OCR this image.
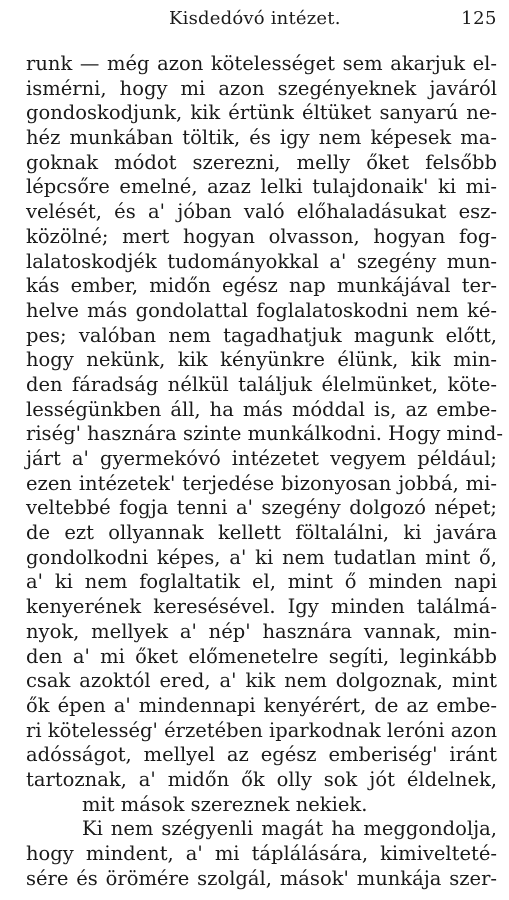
Kisdedóvó intézet.	125
runk — még azon kötelességet sem akarjuk el-
ismérni, hogy mi azon szegényeknek javáról
gondoskodjunk, kik értünk éltüket sanyarú ne-
héz munkában töltik, és igy nem képesek ma-
goknak módot szerezni, melly őket felsőbb
lépcsőre emelné, azaz lelki tulajdonaik' ki mi-
velését, és a' jóban való előhaladásukat esz-
közölné; mert hogyan olvasson, hogyan fog-
lalatoskodjék tudományokkal a' szegény mun-
kás ember, midőn egész nap munkájával ter-
helve más gondolattal foglalatoskodni nem ké-
pes; valóban nem tagadhatjuk magunk előtt,
hogy nekünk, kik kényünkre élünk, kik min-
den fáradság nélkül találjuk élelmünket, köte-
lességünkben áll, ha más móddal is, az embe-
riség' hasznára szinte munkálkodni. Hogy mind-
járt a' gyermekóvó intézetet vegyem például;
ezen intézetek' terjedése bizonyosan jobbá, mi-
veltebbé fogja tenni a' szegény dolgozó népet;
de ezt ollyannak kellett föltalálni, ki javára
gondolkodni képes, a' ki nem tudatlan mint ő,
a' ki nem foglaltatik el, mint ő minden napi
kenyerének keresésével. Igy minden találmá-
nyok, mellyek a' nép' hasznára vannak, min-
den a' mi őket előmenetelre segíti, leginkább
csak azoktól ered, a' kik nem dolgoznak, mint
ők épen a' mindennapi kenyérért, de az embe-
ri kötelesség' érzetében iparkodnak leróni azon
adósságot, mellyel az egész emberiség' iránt
tartoznak, a' midőn ők olly sok jót éldelnek,
mit mások szereznek nekiek.
Ki nem szégyenli magát ha meggondolja,
hogy mindent, a' mi táplálására, kimivelteté-
sére és örömére szolgál, mások' munkája szer-
